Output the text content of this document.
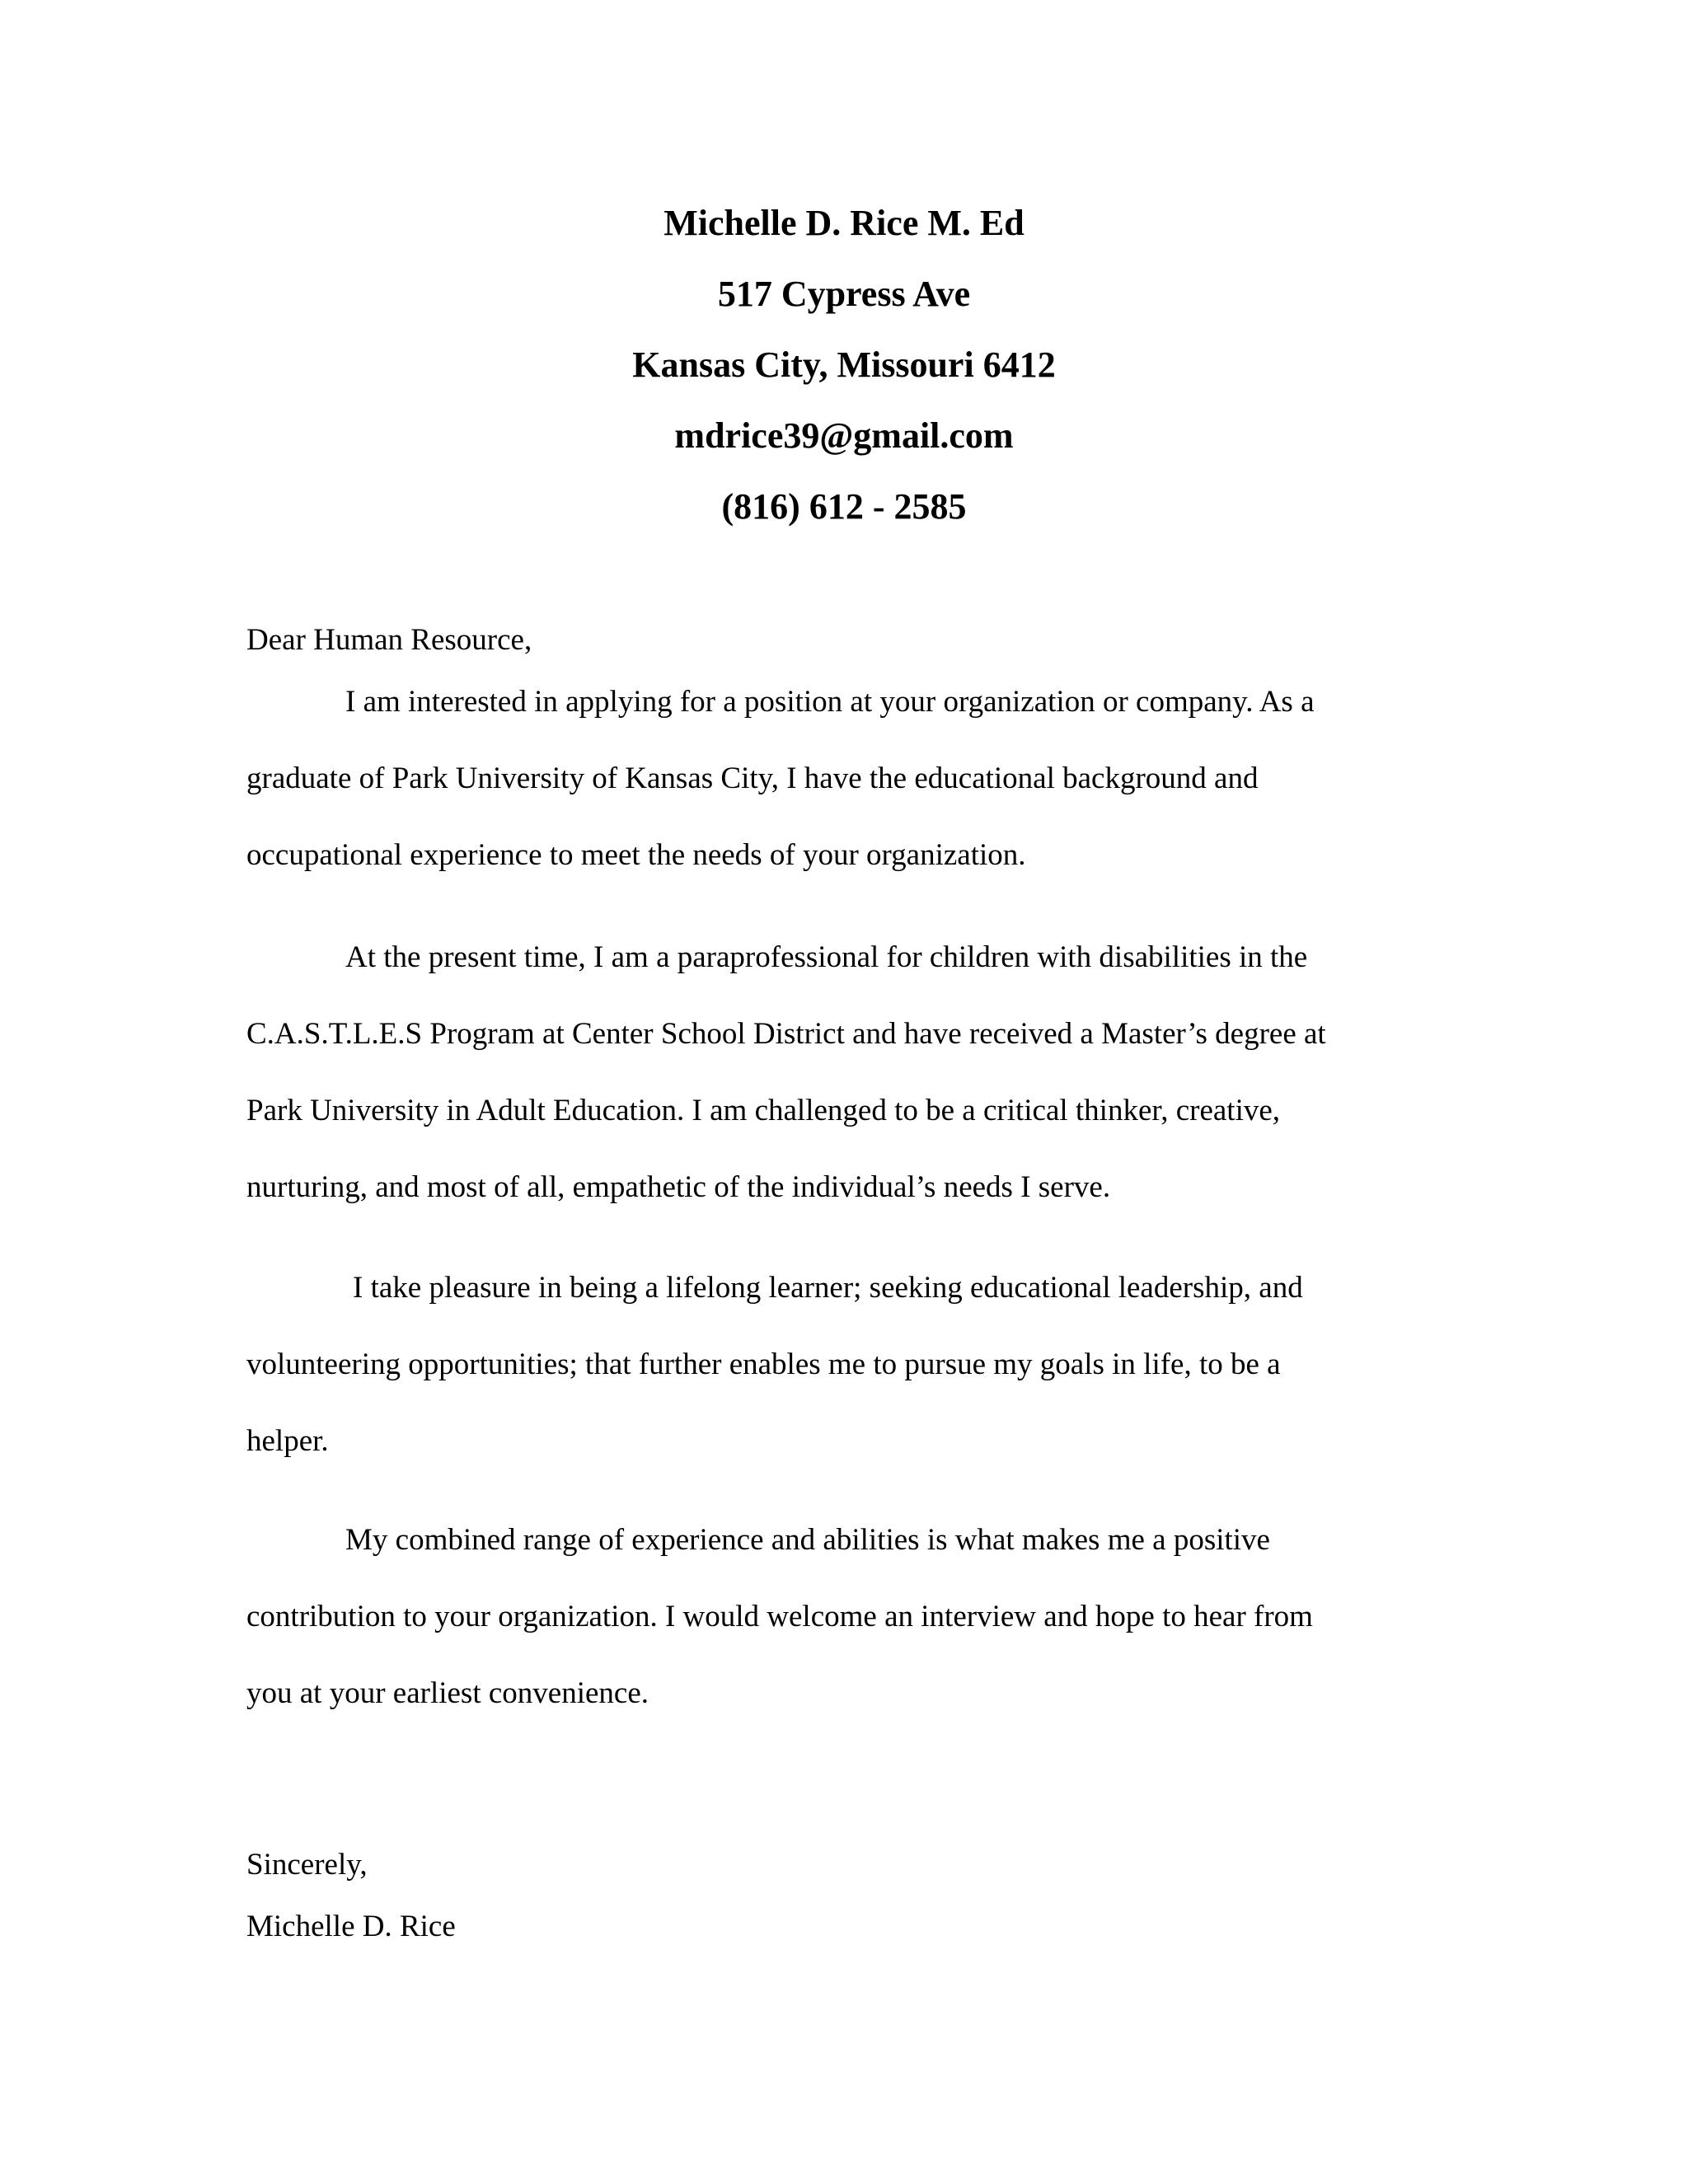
Michelle D. Rice M. Ed
517 Cypress Ave
Kansas City, Missouri 6412
mdrice39@gmail.com
(816) 612 - 2585
Dear Human Resource,
I am interested in applying for a position at your organization or company. As a
graduate of Park University of Kansas City, I have the educational background and
occupational experience to meet the needs of your organization.
At the present time, I am a paraprofessional for children with disabilities in the
C.A.S.T.L.E.S Program at Center School District and have received a Master’s degree at
Park University in Adult Education. I am challenged to be a critical thinker, creative,
nurturing, and most of all, empathetic of the individual’s needs I serve.
I take pleasure in being a lifelong learner; seeking educational leadership, and
volunteering opportunities; that further enables me to pursue my goals in life, to be a
helper.
My combined range of experience and abilities is what makes me a positive
contribution to your organization. I would welcome an interview and hope to hear from
you at your earliest convenience.
Sincerely,
Michelle D. Rice
